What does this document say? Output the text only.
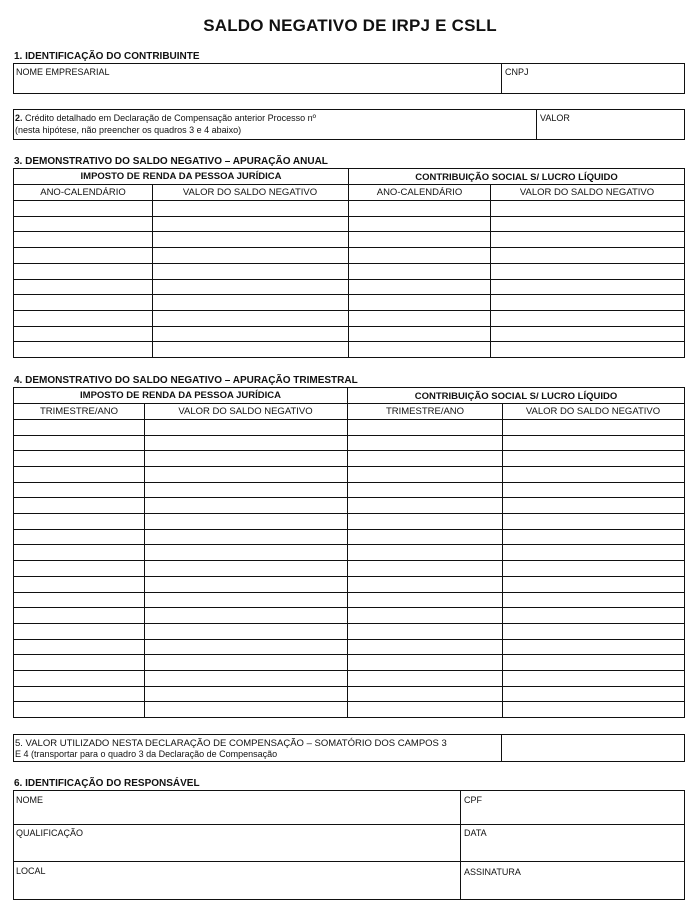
SALDO NEGATIVO DE IRPJ E CSLL
1. IDENTIFICAÇÃO DO CONTRIBUINTE
NOME EMPRESARIAL	CNPJ
2. Crédito detalhado em Declaração de Compensação anterior Processo nº
(nesta hipótese, não preencher os quadros 3 e 4 abaixo)
VALOR
3. DEMONSTRATIVO DO SALDO NEGATIVO – APURAÇÃO ANUAL
IMPOSTO DE RENDA DA PESSOA JURÍDICA	CONTRIBUIÇÃO SOCIAL S/ LUCRO LÍQUIDO
ANO-CALENDÁRIO	VALOR DO SALDO NEGATIVO	ANO-CALENDÁRIO	VALOR DO SALDO NEGATIVO
4. DEMONSTRATIVO DO SALDO NEGATIVO – APURAÇÃO TRIMESTRAL
IMPOSTO DE RENDA DA PESSOA JURÍDICA	CONTRIBUIÇÃO SOCIAL S/ LUCRO LÍQUIDO
TRIMESTRE/ANO	VALOR DO SALDO NEGATIVO	TRIMESTRE/ANO	VALOR DO SALDO NEGATIVO
5. VALOR UTILIZADO NESTA DECLARAÇÃO DE COMPENSAÇÃO – SOMATÓRIO DOS CAMPOS 3
E 4 (transportar para o quadro 3 da Declaração de Compensação
6. IDENTIFICAÇÃO DO RESPONSÁVEL
NOME	CPF
QUALIFICAÇÃO	DATA
LOCAL	ASSINATURA
